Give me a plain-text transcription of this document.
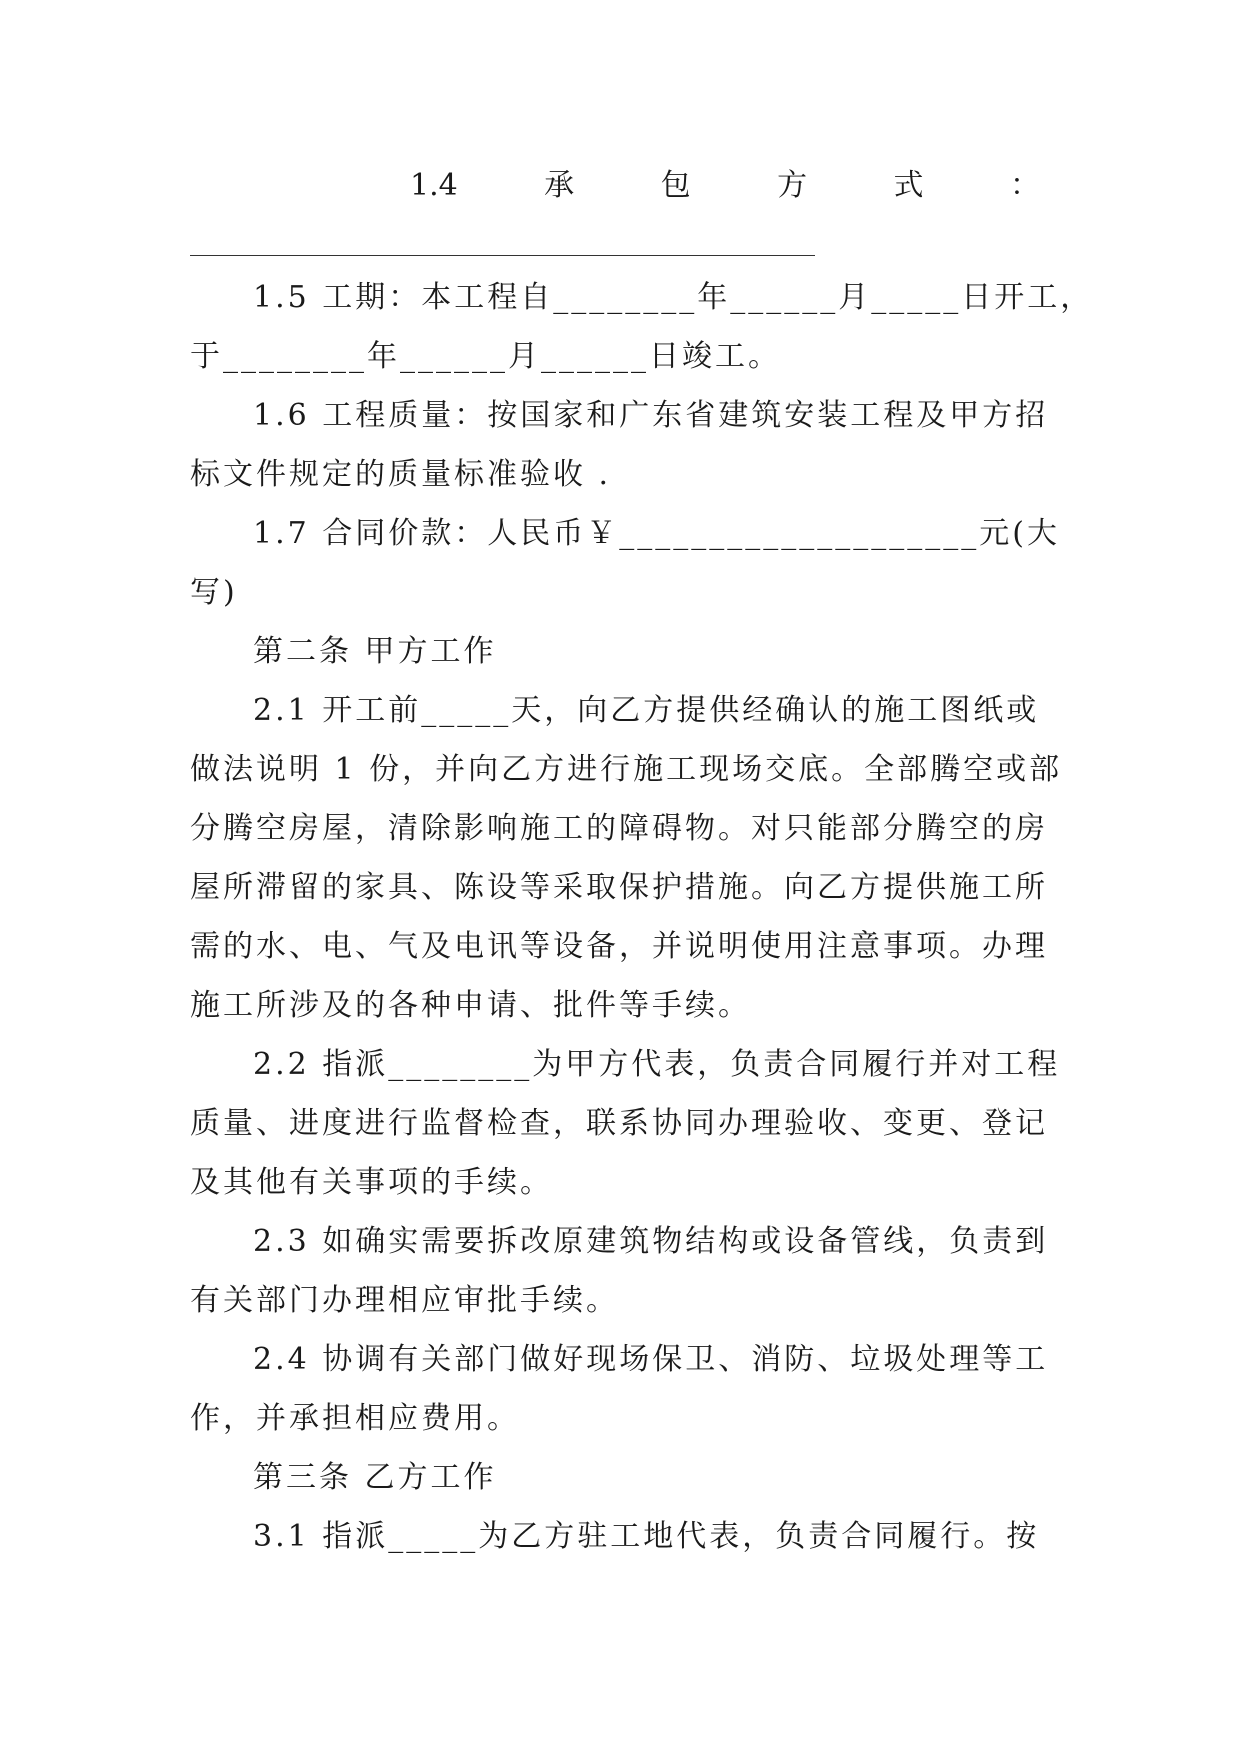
1.4	承	包	方	式	：
1.5 工期：本工程自________年______月_____日开工，
于________年______月______日竣工。
1.6 工程质量：按国家和广东省建筑安装工程及甲方招
标文件规定的质量标准验收 .
1.7 合同价款：人民币￥____________________元(大
写)
第二条 甲方工作
2.1 开工前_____天，向乙方提供经确认的施工图纸或
做法说明 1 份，并向乙方进行施工现场交底。全部腾空或部
分腾空房屋，清除影响施工的障碍物。对只能部分腾空的房
屋所滞留的家具、陈设等采取保护措施。向乙方提供施工所
需的水、电、气及电讯等设备，并说明使用注意事项。办理
施工所涉及的各种申请、批件等手续。
2.2 指派________为甲方代表，负责合同履行并对工程
质量、进度进行监督检查，联系协同办理验收、变更、登记
及其他有关事项的手续。
2.3 如确实需要拆改原建筑物结构或设备管线，负责到
有关部门办理相应审批手续。
2.4 协调有关部门做好现场保卫、消防、垃圾处理等工
作，并承担相应费用。
第三条 乙方工作
3.1 指派_____为乙方驻工地代表，负责合同履行。按
